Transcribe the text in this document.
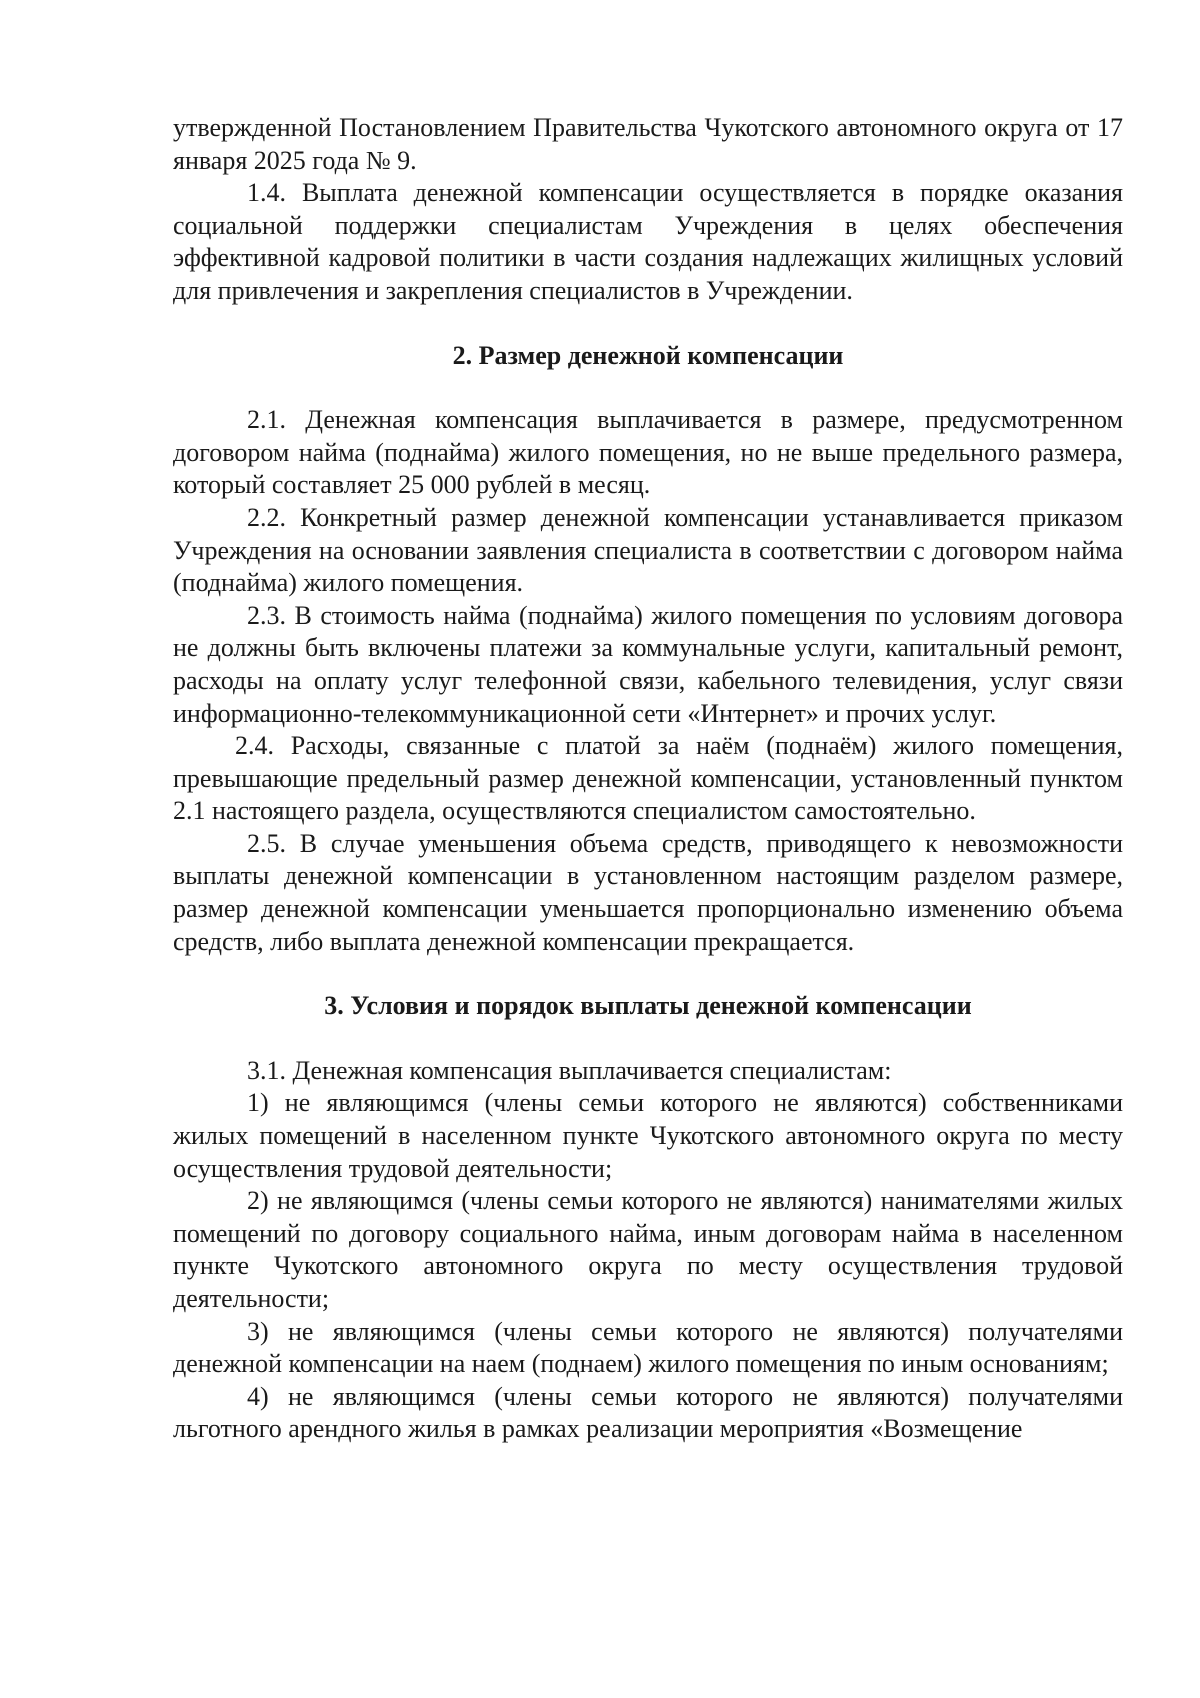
утвержденной Постановлением Правительства Чукотского автономного округа от 17 января 2025 года № 9.

1.4. Выплата денежной компенсации осуществляется в порядке оказания социальной поддержки специалистам Учреждения в целях обеспечения эффективной кадровой политики в части создания надлежащих жилищных условий для привлечения и закрепления специалистов в Учреждении.

2. Размер денежной компенсации

2.1. Денежная компенсация выплачивается в размере, предусмотренном договором найма (поднайма) жилого помещения, но не выше предельного размера, который составляет 25 000 рублей в месяц.

2.2. Конкретный размер денежной компенсации устанавливается приказом Учреждения на основании заявления специалиста в соответствии с договором найма (поднайма) жилого помещения.

2.3. В стоимость найма (поднайма) жилого помещения по условиям договора не должны быть включены платежи за коммунальные услуги, капитальный ремонт, расходы на оплату услуг телефонной связи, кабельного телевидения, услуг связи информационно-телекоммуникационной сети «Интернет» и прочих услуг.

2.4. Расходы, связанные с платой за наём (поднаём) жилого помещения, превышающие предельный размер денежной компенсации, установленный пунктом 2.1 настоящего раздела, осуществляются специалистом самостоятельно.

2.5. В случае уменьшения объема средств, приводящего к невозможности выплаты денежной компенсации в установленном настоящим разделом размере, размер денежной компенсации уменьшается пропорционально изменению объема средств, либо выплата денежной компенсации прекращается.

3. Условия и порядок выплаты денежной компенсации

3.1. Денежная компенсация выплачивается специалистам:

1) не являющимся (члены семьи которого не являются) собственниками жилых помещений в населенном пункте Чукотского автономного округа по месту осуществления трудовой деятельности;

2) не являющимся (члены семьи которого не являются) нанимателями жилых помещений по договору социального найма, иным договорам найма в населенном пункте Чукотского автономного округа по месту осуществления трудовой деятельности;

3) не являющимся (члены семьи которого не являются) получателями денежной компенсации на наем (поднаем) жилого помещения по иным основаниям;

4) не являющимся (члены семьи которого не являются) получателями льготного арендного жилья в рамках реализации мероприятия «Возмещение
